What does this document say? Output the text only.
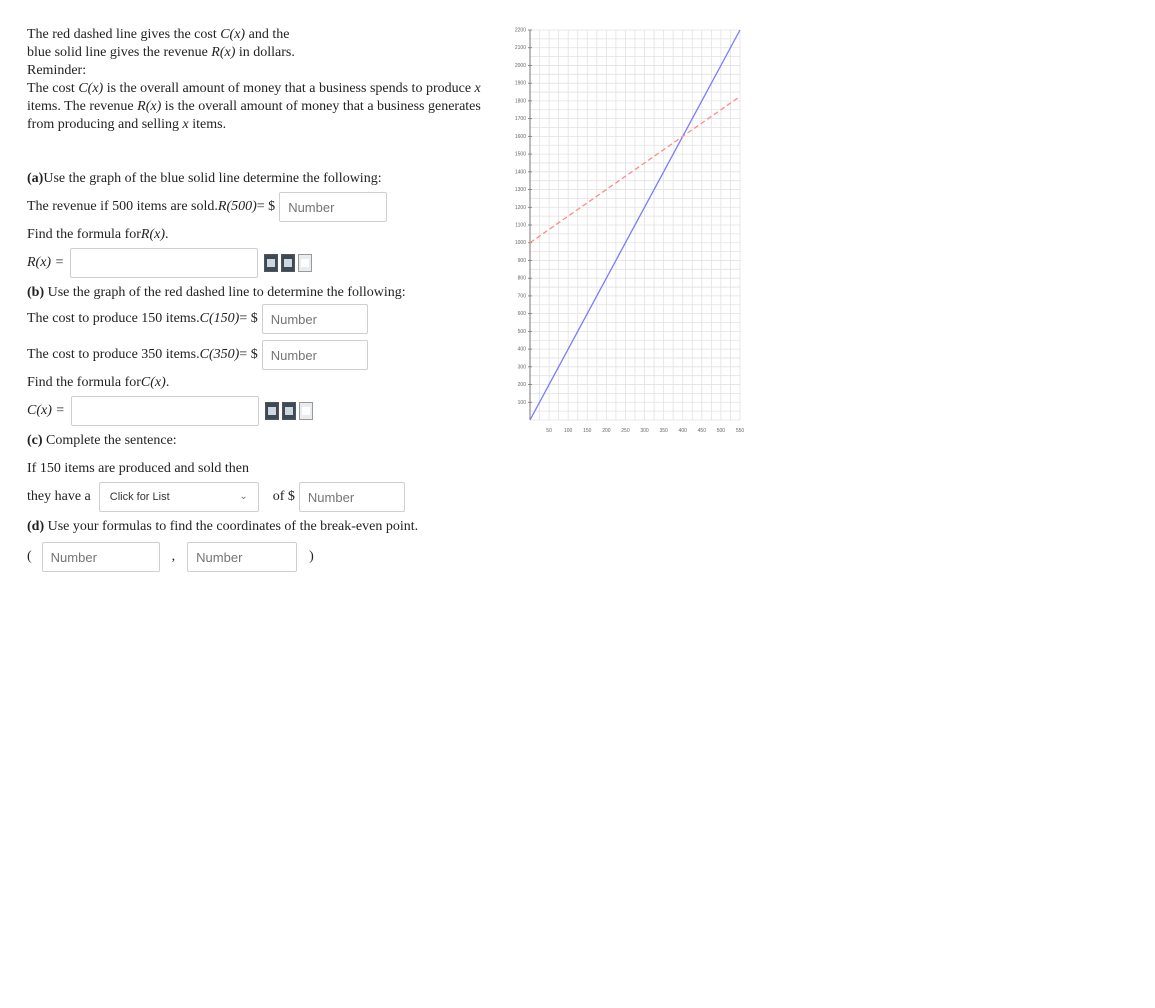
The red dashed line gives the cost C(x) and the
blue solid line gives the revenue R(x) in dollars.
Reminder:
The cost C(x) is the overall amount of money that a business spends to produce x items. The revenue R(x) is the overall amount of money that a business generates from producing and selling x items.

(a) Use the graph of the blue solid line determine the following:
The revenue if 500 items are sold. R(500) = $
Number
Find the formula for R(x) .
R(x) =
(b) Use the graph of the red dashed line to determine the following:
The cost to produce 150 items. C(150) = $
Number
The cost to produce 350 items. C(350) = $
Number
Find the formula for C(x) .
C(x) =
(c) Complete the sentence:
If 150 items are produced and sold then
they have a Click for List	⌄ of $
Number
(d) Use your formulas to find the coordinates of the break-even point.
(
Number	,
Number	)
100
200
300
400
500
600
700
800
900
1000
1100
1200
1300
1400
1500
1600
1700
1800
1900
2000
2100
2200
50 100 150 200 250 300 350 400 450 500 550
